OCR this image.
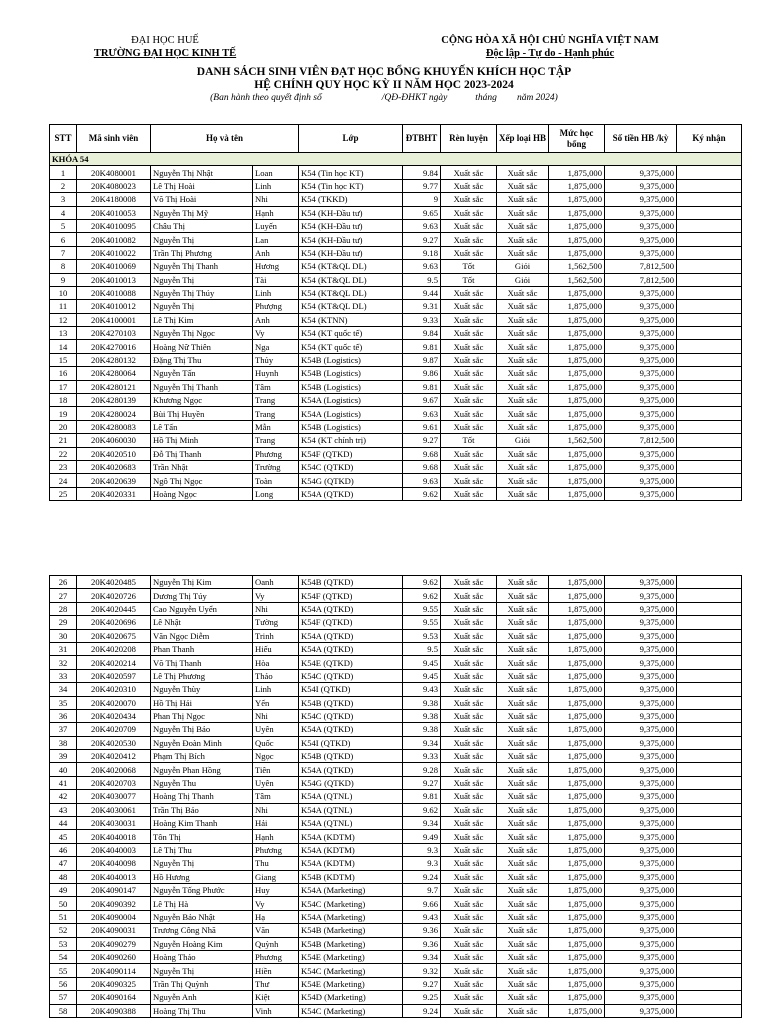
ĐẠI HỌC HUẾ
TRƯỜNG ĐẠI HỌC KINH TẾ
CỘNG HÒA XÃ HỘI CHỦ NGHĨA VIỆT NAM
Độc lập - Tự do - Hạnh phúc
DANH SÁCH SINH VIÊN ĐẠT HỌC BỔNG KHUYẾN KHÍCH HỌC TẬP
HỆ CHÍNH QUY HỌC KỲ II NĂM HỌC 2023-2024
(Ban hành theo quyết định số	/QĐ-ĐHKT ngày	tháng năm 2024)
STT	Mã sinh viên	Họ và tên		Lớp	ĐTBHT	Rèn luyện	Xếp loại HB	Mức học bổng	Số tiền HB /kỳ	Ký nhận
KHÓA 54										
1	20K4080001	Nguyễn Thị Nhật	Loan	K54 (Tin học KT)	9.84	Xuất sắc	Xuất sắc	1,875,000	9,375,000	
2	20K4080023	Lê Thị Hoài	Linh	K54 (Tin học KT)	9.77	Xuất sắc	Xuất sắc	1,875,000	9,375,000	
3	20K4180008	Võ Thị Hoài	Nhi	K54 (TKKD)	9	Xuất sắc	Xuất sắc	1,875,000	9,375,000	
4	20K4010053	Nguyễn Thị Mỹ	Hạnh	K54 (KH-Đầu tư)	9.65	Xuất sắc	Xuất sắc	1,875,000	9,375,000	
5	20K4010095	Châu Thị	Luyến	K54 (KH-Đầu tư)	9.63	Xuất sắc	Xuất sắc	1,875,000	9,375,000	
6	20K4010082	Nguyễn Thị	Lan	K54 (KH-Đầu tư)	9.27	Xuất sắc	Xuất sắc	1,875,000	9,375,000	
7	20K4010022	Trần Thị Phương	Anh	K54 (KH-Đầu tư)	9.18	Xuất sắc	Xuất sắc	1,875,000	9,375,000	
8	20K4010069	Nguyễn Thị Thanh	Hương	K54 (KT&QL DL)	9.63	Tốt	Giỏi	1,562,500	7,812,500	
9	20K4010013	Nguyễn Thị	Tài	K54 (KT&QL DL)	9.5	Tốt	Giỏi	1,562,500	7,812,500	
10	20K4010088	Nguyễn Thị Thúy	Linh	K54 (KT&QL DL)	9.44	Xuất sắc	Xuất sắc	1,875,000	9,375,000	
11	20K4010012	Nguyễn Thị	Phượng	K54 (KT&QL DL)	9.31	Xuất sắc	Xuất sắc	1,875,000	9,375,000	
12	20K4100001	Lê Thị Kim	Anh	K54 (KTNN)	9.33	Xuất sắc	Xuất sắc	1,875,000	9,375,000	
13	20K4270103	Nguyễn Thị Ngọc	Vy	K54 (KT quốc tế)	9.84	Xuất sắc	Xuất sắc	1,875,000	9,375,000	
14	20K4270016	Hoàng Nữ Thiên	Nga	K54 (KT quốc tế)	9.81	Xuất sắc	Xuất sắc	1,875,000	9,375,000	
15	20K4280132	Đặng Thị Thu	Thủy	K54B (Logistics)	9.87	Xuất sắc	Xuất sắc	1,875,000	9,375,000	
16	20K4280064	Nguyễn Tấn	Huynh	K54B (Logistics)	9.86	Xuất sắc	Xuất sắc	1,875,000	9,375,000	
17	20K4280121	Nguyễn Thị Thanh	Tâm	K54B (Logistics)	9.81	Xuất sắc	Xuất sắc	1,875,000	9,375,000	
18	20K4280139	Khương Ngọc	Trang	K54A (Logistics)	9.67	Xuất sắc	Xuất sắc	1,875,000	9,375,000	
19	20K4280024	Bùi Thị Huyền	Trang	K54A (Logistics)	9.63	Xuất sắc	Xuất sắc	1,875,000	9,375,000	
20	20K4280083	Lê Tấn	Mẫn	K54B (Logistics)	9.61	Xuất sắc	Xuất sắc	1,875,000	9,375,000	
21	20K4060030	Hồ Thị Minh	Trang	K54 (KT chính trị)	9.27	Tốt	Giỏi	1,562,500	7,812,500	
22	20K4020510	Đỗ Thị Thanh	Phương	K54F (QTKD)	9.68	Xuất sắc	Xuất sắc	1,875,000	9,375,000	
23	20K4020683	Trần Nhật	Trường	K54C (QTKD)	9.68	Xuất sắc	Xuất sắc	1,875,000	9,375,000	
24	20K4020639	Ngô Thị Ngọc	Toàn	K54G (QTKD)	9.63	Xuất sắc	Xuất sắc	1,875,000	9,375,000	
25	20K4020331	Hoàng Ngọc	Long	K54A (QTKD)	9.62	Xuất sắc	Xuất sắc	1,875,000	9,375,000	
26	20K4020485	Nguyễn Thị Kim	Oanh	K54B (QTKD)	9.62	Xuất sắc	Xuất sắc	1,875,000	9,375,000	
27	20K4020726	Dương Thị Túy	Vy	K54F (QTKD)	9.62	Xuất sắc	Xuất sắc	1,875,000	9,375,000	
28	20K4020445	Cao Nguyễn Uyển	Nhi	K54A (QTKD)	9.55	Xuất sắc	Xuất sắc	1,875,000	9,375,000	
29	20K4020696	Lê Nhật	Tường	K54F (QTKD)	9.55	Xuất sắc	Xuất sắc	1,875,000	9,375,000	
30	20K4020675	Văn Ngọc Diễm	Trinh	K54A (QTKD)	9.53	Xuất sắc	Xuất sắc	1,875,000	9,375,000	
31	20K4020208	Phan Thanh	Hiếu	K54A (QTKD)	9.5	Xuất sắc	Xuất sắc	1,875,000	9,375,000	
32	20K4020214	Võ Thị Thanh	Hòa	K54E (QTKD)	9.45	Xuất sắc	Xuất sắc	1,875,000	9,375,000	
33	20K4020597	Lê Thị Phương	Thảo	K54C (QTKD)	9.45	Xuất sắc	Xuất sắc	1,875,000	9,375,000	
34	20K4020310	Nguyễn Thùy	Linh	K54I (QTKD)	9.43	Xuất sắc	Xuất sắc	1,875,000	9,375,000	
35	20K4020070	Hồ Thị Hải	Yến	K54B (QTKD)	9.38	Xuất sắc	Xuất sắc	1,875,000	9,375,000	
36	20K4020434	Phan Thị Ngọc	Nhi	K54C (QTKD)	9.38	Xuất sắc	Xuất sắc	1,875,000	9,375,000	
37	20K4020709	Nguyễn Thị Bảo	Uyên	K54A (QTKD)	9.38	Xuất sắc	Xuất sắc	1,875,000	9,375,000	
38	20K4020530	Nguyễn Đoàn Minh	Quốc	K54I (QTKD)	9.34	Xuất sắc	Xuất sắc	1,875,000	9,375,000	
39	20K4020412	Phạm Thị Bích	Ngọc	K54B (QTKD)	9.33	Xuất sắc	Xuất sắc	1,875,000	9,375,000	
40	20K4020068	Nguyễn Phan Hồng	Tiên	K54A (QTKD)	9.28	Xuất sắc	Xuất sắc	1,875,000	9,375,000	
41	20K4020703	Nguyễn Thu	Uyên	K54G (QTKD)	9.27	Xuất sắc	Xuất sắc	1,875,000	9,375,000	
42	20K4030077	Hoàng Thị Thanh	Tâm	K54A (QTNL)	9.81	Xuất sắc	Xuất sắc	1,875,000	9,375,000	
43	20K4030061	Trần Thị Bảo	Nhi	K54A (QTNL)	9.62	Xuất sắc	Xuất sắc	1,875,000	9,375,000	
44	20K4030031	Hoàng Kim Thanh	Hải	K54A (QTNL)	9.34	Xuất sắc	Xuất sắc	1,875,000	9,375,000	
45	20K4040018	Tôn Thị	Hạnh	K54A (KDTM)	9.49	Xuất sắc	Xuất sắc	1,875,000	9,375,000	
46	20K4040003	Lê Thị Thu	Phương	K54A (KDTM)	9.3	Xuất sắc	Xuất sắc	1,875,000	9,375,000	
47	20K4040098	Nguyễn Thị	Thu	K54A (KDTM)	9.3	Xuất sắc	Xuất sắc	1,875,000	9,375,000	
48	20K4040013	Hồ Hương	Giang	K54B (KDTM)	9.24	Xuất sắc	Xuất sắc	1,875,000	9,375,000	
49	20K4090147	Nguyễn Tống Phước	Huy	K54A (Marketing)	9.7	Xuất sắc	Xuất sắc	1,875,000	9,375,000	
50	20K4090392	Lê Thị Hà	Vy	K54C (Marketing)	9.66	Xuất sắc	Xuất sắc	1,875,000	9,375,000	
51	20K4090004	Nguyễn Bảo Nhật	Hạ	K54A (Marketing)	9.43	Xuất sắc	Xuất sắc	1,875,000	9,375,000	
52	20K4090031	Trương Công Nhã	Văn	K54B (Marketing)	9.36	Xuất sắc	Xuất sắc	1,875,000	9,375,000	
53	20K4090279	Nguyễn Hoàng Kim	Quỳnh	K54B (Marketing)	9.36	Xuất sắc	Xuất sắc	1,875,000	9,375,000	
54	20K4090260	Hoàng Thảo	Phương	K54E (Marketing)	9.34	Xuất sắc	Xuất sắc	1,875,000	9,375,000	
55	20K4090114	Nguyễn Thị	Hiền	K54C (Marketing)	9.32	Xuất sắc	Xuất sắc	1,875,000	9,375,000	
56	20K4090325	Trần Thị Quỳnh	Thư	K54E (Marketing)	9.27	Xuất sắc	Xuất sắc	1,875,000	9,375,000	
57	20K4090164	Nguyễn Anh	Kiệt	K54D (Marketing)	9.25	Xuất sắc	Xuất sắc	1,875,000	9,375,000	
58	20K4090388	Hoàng Thị Thu	Vinh	K54C (Marketing)	9.24	Xuất sắc	Xuất sắc	1,875,000	9,375,000	
